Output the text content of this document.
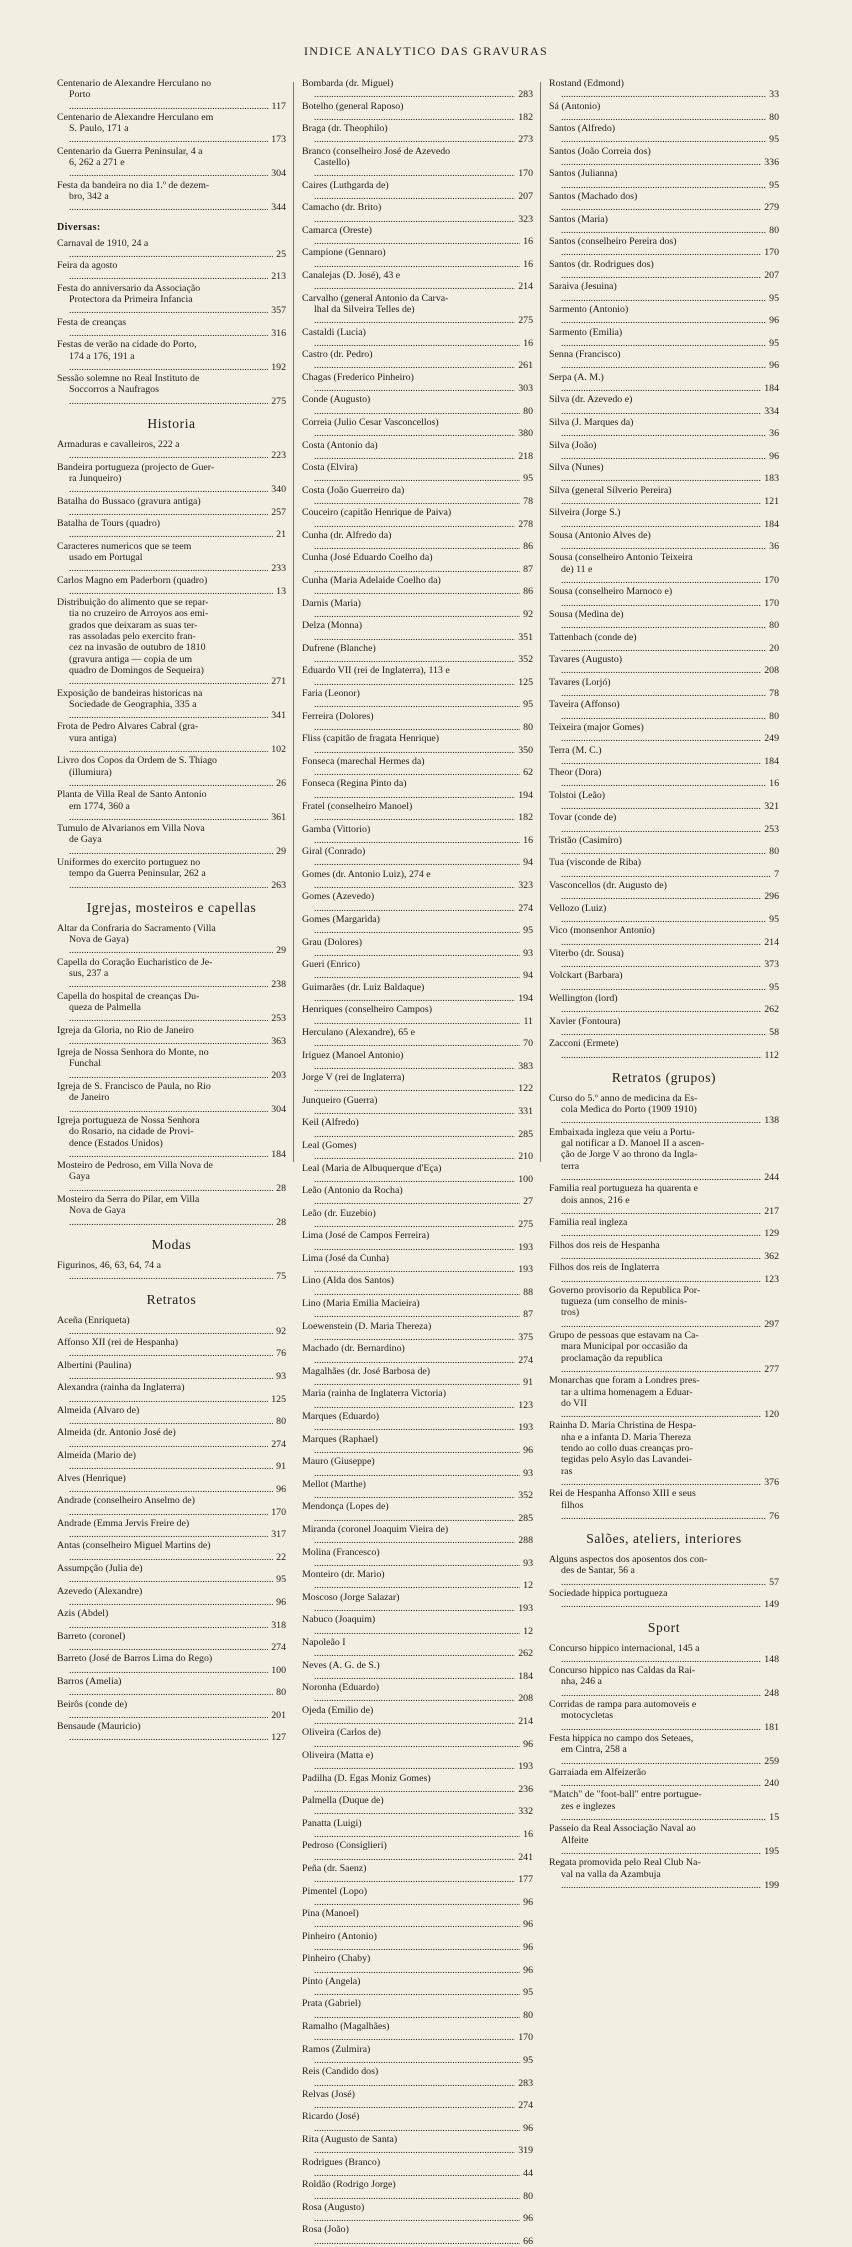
INDICE ANALYTICO DAS GRAVURAS
Centenario de Alexandre Herculano no
Porto .....
117
Centenario de Alexandre Herculano em
S. Paulo, 171 a .....
173
Centenario da Guerra Peninsular, 4 a
6, 262 a 271 e .....
304
Festa da bandeira no dia 1.º de dezem-
bro, 342 a .....
344
Diversas:
Carnaval de 1910, 24 a .....
25
Feira da agosto .....
213
Festa do anniversario da Associação
Protectora da Primeira Infancia .....
357
Festa de creanças .....
316
Festas de verão na cidade do Porto,
174 a 176, 191 a .....
192
Sessão solemne no Real Instituto de
Soccorros a Naufragos .....
275
Historia
Armaduras e cavalleiros, 222 a .....
223
Bandeira portugueza (projecto de Guer-
ra Junqueiro) .....
340
Batalha do Bussaco (gravura antiga) .....
257
Batalha de Tours (quadro) .....
21
Caracteres numericos que se teem
usado em Portugal .....
233
Carlos Magno em Paderborn (quadro) .....
13
Distribuição do alimento que se repar-
tia no cruzeiro de Arroyos aos emi-
grados que deixaram as suas ter-
ras assoladas pelo exercito fran-
cez na invasão de outubro de 1810
(gravura antiga — copia de um
quadro de Domingos de Sequeira) .....
271
Exposição de bandeiras historicas na
Sociedade de Geographia, 335 a .....
341
Frota de Pedro Alvares Cabral (gra-
vura antiga) .....
102
Livro dos Copos da Ordem de S. Thiago
(illumiura) .....
26
Planta de Villa Real de Santo Antonio
em 1774, 360 a .....
361
Tumulo de Alvarianos em Villa Nova
de Gaya .....
29
Uniformes do exercito portuguez no
tempo da Guerra Peninsular, 262 a .....
263
Igrejas, mosteiros e capellas
Altar da Confraria do Sacramento (Villa
Nova de Gaya) .....
29
Capella do Coração Eucharistico de Je-
sus, 237 a .....
238
Capella do hospital de creanças Du-
queza de Palmella .....
253
Igreja da Gloria, no Rio de Janeiro .....
363
Igreja de Nossa Senhora do Monte, no
Funchal .....
203
Igreja de S. Francisco de Paula, no Rio
de Janeiro .....
304
Igreja portugueza de Nossa Senhora
do Rosario, na cidade de Provi-
dence (Estados Unidos) .....
184
Mosteiro de Pedroso, em Villa Nova de
Gaya .....
28
Mosteiro da Serra do Pilar, em Villa
Nova de Gaya .....
28
Modas
Figurinos, 46, 63, 64, 74 a .....
75
Retratos
Aceña (Enriqueta) .....
92
Affonso XII (rei de Hespanha) .....
76
Albertini (Paulina) .....
93
Alexandra (rainha da Inglaterra) .....
125
Almeida (Alvaro de) .....
80
Almeida (dr. Antonio José de) .....
274
Almeida (Mario de) .....
91
Alves (Henrique) .....
96
Andrade (conselheiro Anselmo de) .....
170
Andrade (Emma Jervis Freire de) .....
317
Antas (conselheiro Miguel Martins de) .....
22
Assumpção (Julia de) .....
95
Azevedo (Alexandre) .....
96
Azis (Abdel) .....
318
Barreto (coronel) .....
274
Barreto (José de Barros Lima do Rego) .....
100
Barros (Amelia) .....
80
Beirôs (conde de) .....
201
Bensaude (Mauricio) .....
127
Bombarda (dr. Miguel) .....
283
Botelho (general Raposo) .....
182
Braga (dr. Theophilo) .....
273
Branco (conselheiro José de Azevedo
Castello) .....
170
Caires (Luthgarda de) .....
207
Camacho (dr. Brito) .....
323
Camarca (Oreste) .....
16
Campione (Gennaro) .....
16
Canalejas (D. José), 43 e .....
214
Carvalho (general Antonio da Carva-
lhal da Silveira Telles de) .....
275
Castaldi (Lucia) .....
16
Castro (dr. Pedro) .....
261
Chagas (Frederico Pinheiro) .....
303
Conde (Augusto) .....
80
Correia (Julio Cesar Vasconcellos) .....
380
Costa (Antonio da) .....
218
Costa (Elvira) .....
95
Costa (João Guerreiro da) .....
78
Couceiro (capitão Henrique de Paiva) .....
278
Cunha (dr. Alfredo da) .....
86
Cunha (José Eduardo Coelho da) .....
87
Cunha (Maria Adelaide Coelho da) .....
86
Darnis (Maria) .....
92
Delza (Monna) .....
351
Dufrene (Blanche) .....
352
Eduardo VII (rei de Inglaterra), 113 e .....
125
Faria (Leonor) .....
95
Ferreira (Dolores) .....
80
Fliss (capitão de fragata Henrique) .....
350
Fonseca (marechal Hermes da) .....
62
Fonseca (Regina Pinto da) .....
194
Fratel (conselheiro Manoel) .....
182
Gamba (Vittorio) .....
16
Giral (Conrado) .....
94
Gomes (dr. Antonio Luiz), 274 e .....
323
Gomes (Azevedo) .....
274
Gomes (Margarida) .....
95
Grau (Dolores) .....
93
Gueri (Enrico) .....
94
Guimarães (dr. Luiz Baldaque) .....
194
Henriques (conselheiro Campos) .....
11
Herculano (Alexandre), 65 e .....
70
Iriguez (Manoel Antonio) .....
383
Jorge V (rei de Inglaterra) .....
122
Junqueiro (Guerra) .....
331
Keil (Alfredo) .....
285
Leal (Gomes) .....
210
Leal (Maria de Albuquerque d'Eça) .....
100
Leão (Antonio da Rocha) .....
27
Leão (dr. Euzebio) .....
275
Lima (José de Campos Ferreira) .....
193
Lima (José da Cunha) .....
193
Lino (Alda dos Santos) .....
88
Lino (Maria Emilia Macieira) .....
87
Loewenstein (D. Maria Thereza) .....
375
Machado (dr. Bernardino) .....
274
Magalhães (dr. José Barbosa de) .....
91
Maria (rainha de Inglaterra Victoria) .....
123
Marques (Eduardo) .....
193
Marques (Raphael) .....
96
Mauro (Giuseppe) .....
93
Mellot (Marthe) .....
352
Mendonça (Lopes de) .....
285
Miranda (coronel Joaquim Vieira de) .....
288
Molina (Francesco) .....
93
Monteiro (dr. Mario) .....
12
Moscoso (Jorge Salazar) .....
193
Nabuco (Joaquim) .....
12
Napoleão I .....
262
Neves (A. G. de S.) .....
184
Noronha (Eduardo) .....
208
Ojeda (Emilio de) .....
214
Oliveira (Carlos de) .....
96
Oliveira (Matta e) .....
193
Padilha (D. Egas Moniz Gomes) .....
236
Palmella (Duque de) .....
332
Panatta (Luigi) .....
16
Pedroso (Consiglieri) .....
241
Peña (dr. Saenz) .....
177
Pimentel (Lopo) .....
96
Pina (Manoel) .....
96
Pinheiro (Antonio) .....
96
Pinheiro (Chaby) .....
96
Pinto (Angela) .....
95
Prata (Gabriel) .....
80
Ramalho (Magalhães) .....
170
Ramos (Zulmira) .....
95
Reis (Candido dos) .....
283
Relvas (José) .....
274
Ricardo (José) .....
96
Rita (Augusto de Santa) .....
319
Rodrigues (Branco) .....
44
Roldão (Rodrigo Jorge) .....
80
Rosa (Augusto) .....
96
Rosa (João) .....
66
Rostand (Edmond) .....
33
Sá (Antonio) .....
80
Santos (Alfredo) .....
95
Santos (João Correia dos) .....
336
Santos (Julianna) .....
95
Santos (Machado dos) .....
279
Santos (Maria) .....
80
Santos (conselheiro Pereira dos) .....
170
Santos (dr. Rodrigues dos) .....
207
Saraiva (Jesuina) .....
95
Sarmento (Antonio) .....
96
Sarmento (Emilia) .....
95
Senna (Francisco) .....
96
Serpa (A. M.) .....
184
Silva (dr. Azevedo e) .....
334
Silva (J. Marques da) .....
36
Silva (João) .....
96
Silva (Nunes) .....
183
Silva (general Silverio Pereira) .....
121
Silveira (Jorge S.) .....
184
Sousa (Antonio Alves de) .....
36
Sousa (conselheiro Antonio Teixeira
de) 11 e .....
170
Sousa (conselheiro Marnoco e) .....
170
Sousa (Medina de) .....
80
Tattenbach (conde de) .....
20
Tavares (Augusto) .....
208
Tavares (Lorjó) .....
78
Taveira (Affonso) .....
80
Teixeira (major Gomes) .....
249
Terra (M. C.) .....
184
Theor (Dora) .....
16
Tolstoi (Leão) .....
321
Tovar (conde de) .....
253
Tristão (Casimiro) .....
80
Tua (visconde de Riba) .....
7
Vasconcellos (dr. Augusto de) .....
296
Vellozo (Luiz) .....
95
Vico (monsenhor Antonio) .....
214
Viterbo (dr. Sousa) .....
373
Volckart (Barbara) .....
95
Wellington (lord) .....
262
Xavier (Fontoura) .....
58
Zacconi (Ermete) .....
112
Retratos (grupos)
Curso do 5.º anno de medicina da Es-
cola Medica do Porto (1909 1910) .....
138
Embaixada ingleza que veiu a Portu-
gal notificar a D. Manoel II a ascen-
ção de Jorge V ao throno da Ingla-
terra .....
244
Familia real portugueza ha quarenta e
dois annos, 216 e .....
217
Familia real ingleza .....
129
Filhos dos reis de Hespanha .....
362
Filhos dos reis de Inglaterra .....
123
Governo provisorio da Republica Por-
tugueza (um conselho de minis-
tros) .....
297
Grupo de pessoas que estavam na Ca-
mara Municipal por occasião da
proclamação da republica .....
277
Monarchas que foram a Londres pres-
tar a ultima homenagem a Eduar-
do VII .....
120
Rainha D. Maria Christina de Hespa-
nha e a infanta D. Maria Thereza
tendo ao collo duas creanças pro-
tegidas pelo Asylo das Lavandei-
ras .....
376
Rei de Hespanha Affonso XIII e seus
filhos .....
76
Salões, ateliers, interiores
Alguns aspectos dos aposentos dos con-
des de Santar, 56 a .....
57
Sociedade hippica portugueza .....
149
Sport
Concurso hippico internacional, 145 a .....
148
Concurso hippico nas Caldas da Rai-
nha, 246 a .....
248
Corridas de rampa para automoveis e
motocycletas .....
181
Festa hippica no campo dos Seteaes,
em Cintra, 258 a .....
259
Garraiada em Alfeizerão .....
240
"Match" de "foot-ball" entre portugue-
zes e inglezes .....
15
Passeio da Real Associação Naval ao
Alfeite .....
195
Regata promovida pelo Real Club Na-
val na valla da Azambuja .....
199
